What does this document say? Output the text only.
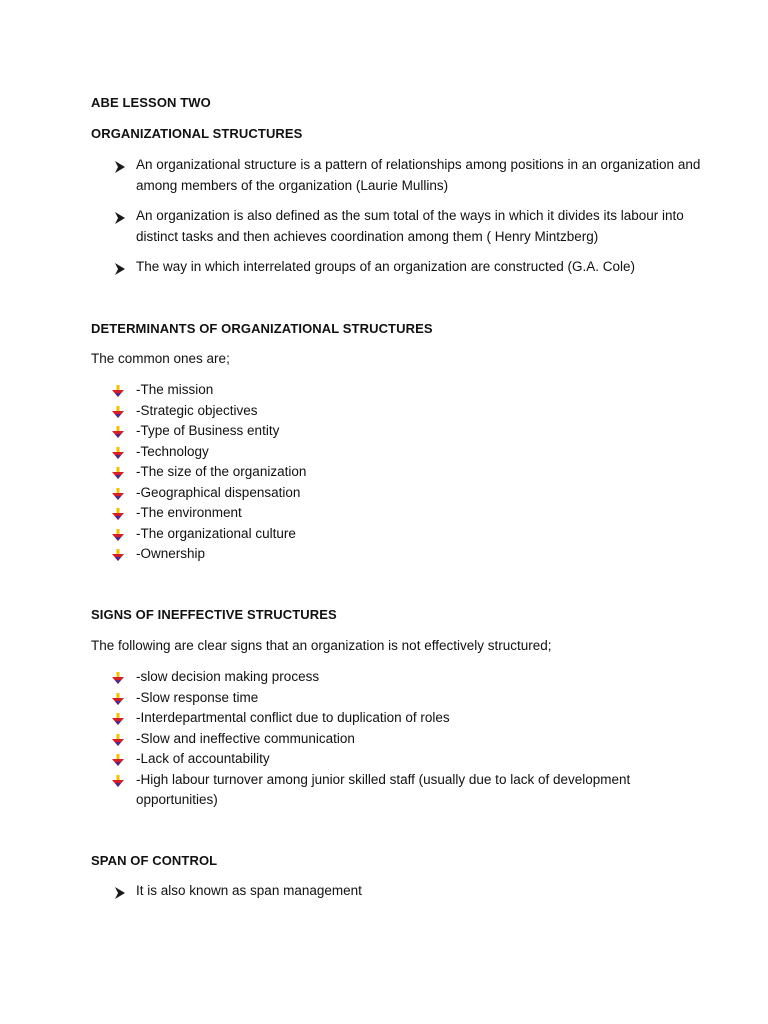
ABE LESSON TWO
ORGANIZATIONAL STRUCTURES
An organizational structure is a pattern of relationships among positions in an organization and among members of the organization (Laurie Mullins)
An organization is also defined as the sum total of the ways in which it divides its labour into distinct tasks and then achieves coordination among them ( Henry Mintzberg)
The way in which interrelated groups of an organization are constructed (G.A. Cole)
DETERMINANTS OF ORGANIZATIONAL STRUCTURES
The common ones are;
-The mission
-Strategic objectives
-Type of Business entity
-Technology
-The size of the organization
-Geographical dispensation
-The environment
-The organizational culture
-Ownership
SIGNS OF INEFFECTIVE STRUCTURES
The following are clear signs that an organization is not effectively structured;
-slow decision making process
-Slow response time
-Interdepartmental conflict due to duplication of roles
-Slow and ineffective communication
-Lack of accountability
-High labour turnover among junior skilled staff (usually due to lack of development opportunities)
SPAN OF CONTROL
It is also known as span management
